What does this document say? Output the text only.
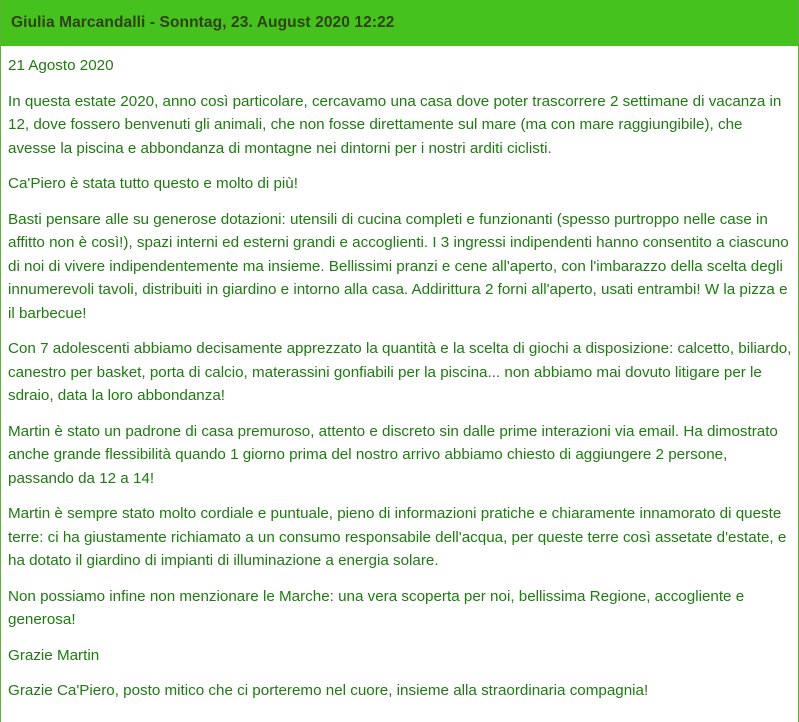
Giulia Marcandalli - Sonntag, 23. August 2020 12:22

21 Agosto 2020

In questa estate 2020, anno così particolare, cercavamo una casa dove poter trascorrere 2 settimane di vacanza in 12, dove fossero benvenuti gli animali, che non fosse direttamente sul mare (ma con mare raggiungibile), che avesse la piscina e abbondanza di montagne nei dintorni per i nostri arditi ciclisti.

Ca'Piero è stata tutto questo e molto di più!

Basti pensare alle su generose dotazioni: utensili di cucina completi e funzionanti (spesso purtroppo nelle case in affitto non è così!), spazi interni ed esterni grandi e accoglienti. I 3 ingressi indipendenti hanno consentito a ciascuno di noi di vivere indipendentemente ma insieme. Bellissimi pranzi e cene all'aperto, con l'imbarazzo della scelta degli innumerevoli tavoli, distribuiti in giardino e intorno alla casa. Addirittura 2 forni all'aperto, usati entrambi! W la pizza e il barbecue!

Con 7 adolescenti abbiamo decisamente apprezzato la quantità e la scelta di giochi a disposizione: calcetto, biliardo, canestro per basket, porta di calcio, materassini gonfiabili per la piscina... non abbiamo mai dovuto litigare per le sdraio, data la loro abbondanza!

Martin è stato un padrone di casa premuroso, attento e discreto sin dalle prime interazioni via email. Ha dimostrato anche grande flessibilità quando 1 giorno prima del nostro arrivo abbiamo chiesto di aggiungere 2 persone, passando da 12 a 14!

Martin è sempre stato molto cordiale e puntuale, pieno di informazioni pratiche e chiaramente innamorato di queste terre: ci ha giustamente richiamato a un consumo responsabile dell'acqua, per queste terre così assetate d'estate, e ha dotato il giardino di impianti di illuminazione a energia solare.

Non possiamo infine non menzionare le Marche: una vera scoperta per noi, bellissima Regione, accogliente e generosa!

Grazie Martin

Grazie Ca'Piero, posto mitico che ci porteremo nel cuore, insieme alla straordinaria compagnia!
